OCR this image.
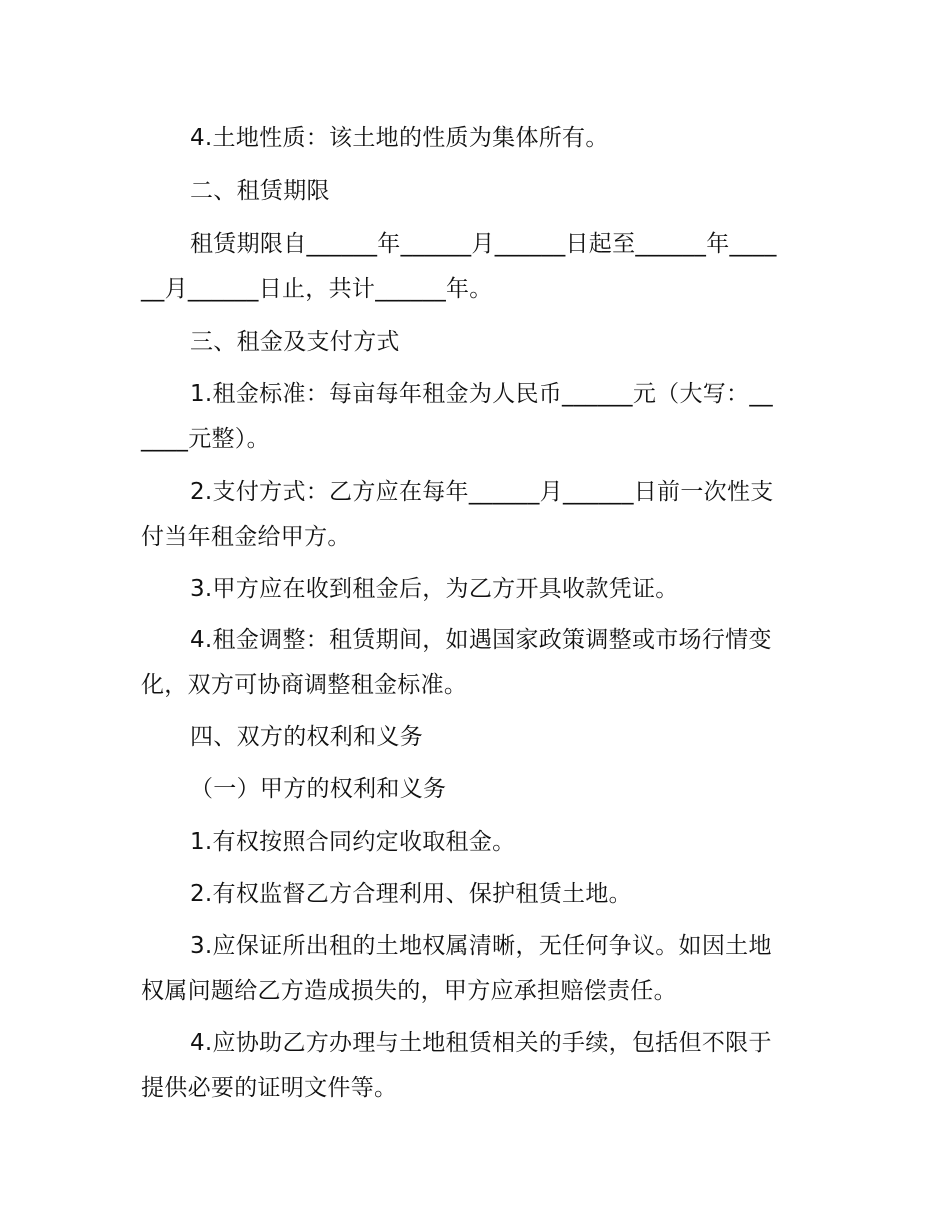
4.土地性质：该土地的性质为集体所有。
二、租赁期限
租赁期限自______年______月______日起至______年____
__月______日止，共计______年。
三、租金及支付方式
1.租金标准：每亩每年租金为人民币______元（大写：__
____元整）。
2.支付方式：乙方应在每年______月______日前一次性支
付当年租金给甲方。
3.甲方应在收到租金后，为乙方开具收款凭证。
4.租金调整：租赁期间，如遇国家政策调整或市场行情变
化，双方可协商调整租金标准。
四、双方的权利和义务
（一）甲方的权利和义务
1.有权按照合同约定收取租金。
2.有权监督乙方合理利用、保护租赁土地。
3.应保证所出租的土地权属清晰，无任何争议。如因土地
权属问题给乙方造成损失的，甲方应承担赔偿责任。
4.应协助乙方办理与土地租赁相关的手续，包括但不限于
提供必要的证明文件等。
